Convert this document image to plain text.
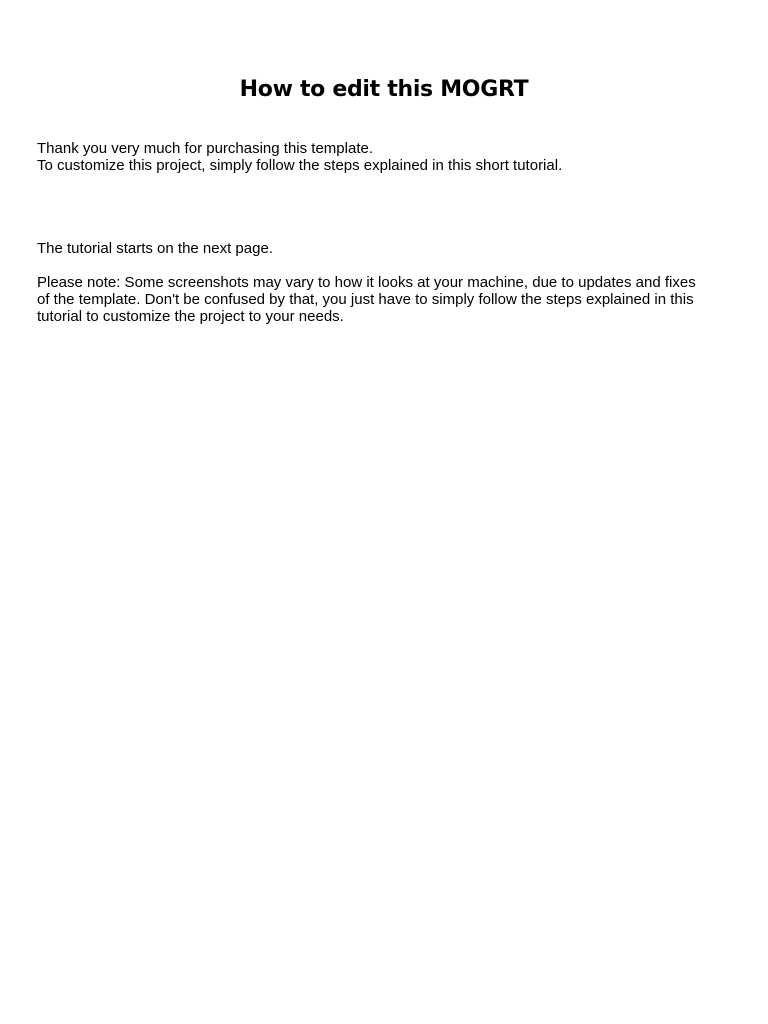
How to edit this MOGRT

Thank you very much for purchasing this template.
To customize this project, simply follow the steps explained in this short tutorial.

The tutorial starts on the next page.

Please note: Some screenshots may vary to how it looks at your machine, due to updates and fixes
of the template. Don't be confused by that, you just have to simply follow the steps explained in this
tutorial to customize the project to your needs.
